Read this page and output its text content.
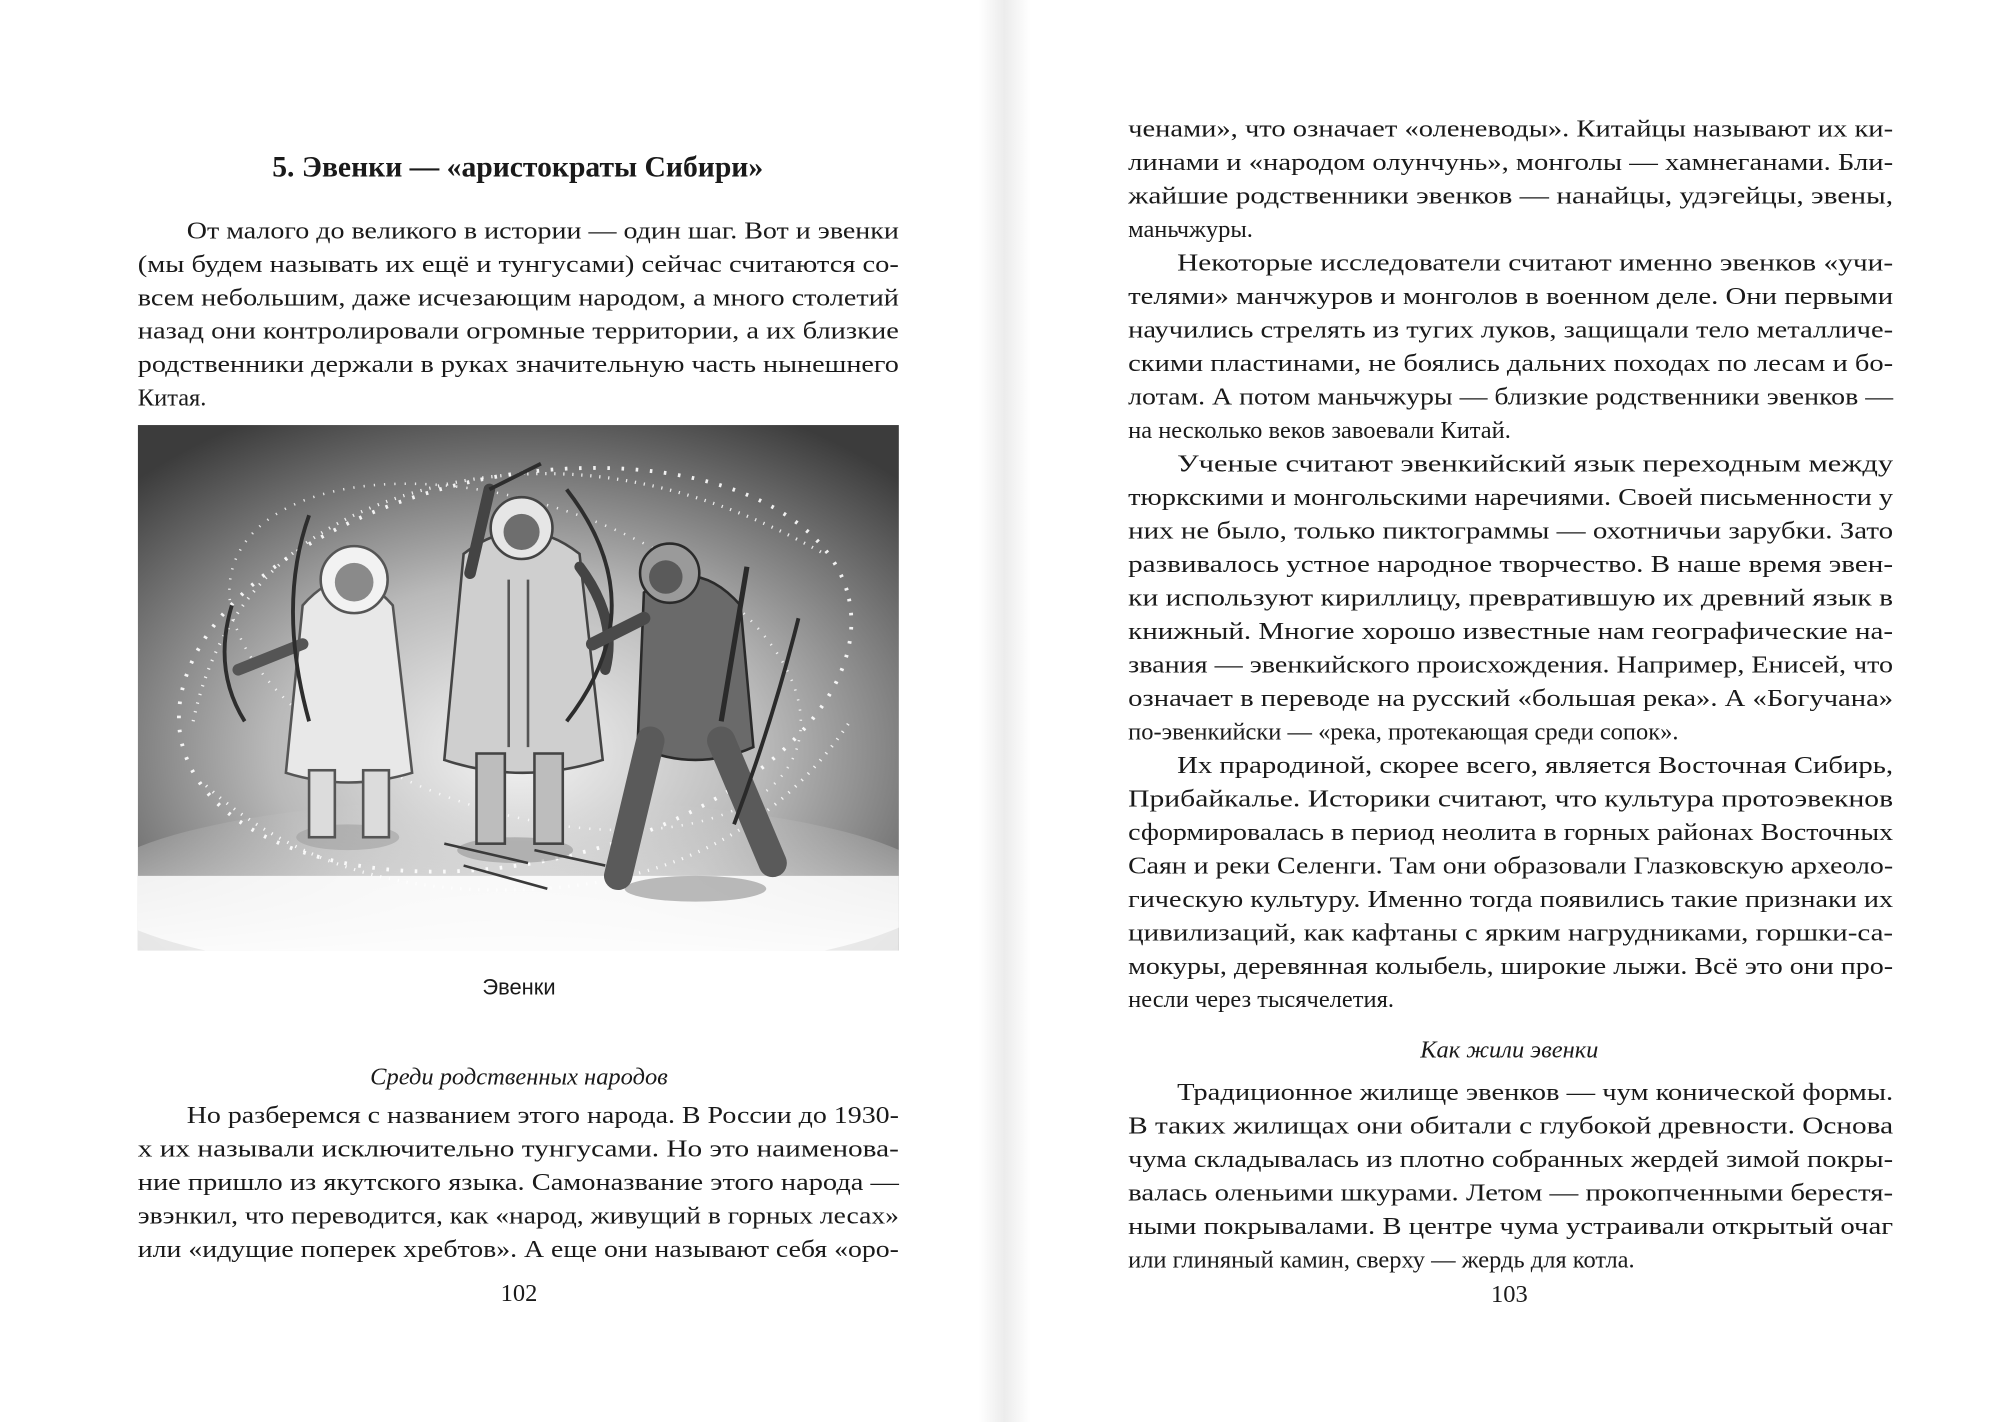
5. Эвенки — «аристократы Сибири»
От малого до великого в истории — один шаг. Вот и эвенки
(мы будем называть их ещё и тунгусами) сейчас считаются со-
всем небольшим, даже исчезающим народом, а много столетий
назад они контролировали огромные территории, а их близкие
родственники держали в руках значительную часть нынешнего
Китая.
Эвенки
Среди родственных народов
Но разберемся с названием этого народа. В России до 1930-
х их называли исключительно тунгусами. Но это наименова-
ние пришло из якутского языка. Самоназвание этого народа —
эвэнкил, что переводится, как «народ, живущий в горных лесах»
или «идущие поперек хребтов». А еще они называют себя «оро-
102
ченами», что означает «оленеводы». Китайцы называют их ки-
линами и «народом олунчунь», монголы — хамнеганами. Бли-
жайшие родственники эвенков — нанайцы, удэгейцы, эвены,
маньчжуры.
Некоторые исследователи считают именно эвенков «учи-
телями» манчжуров и монголов в военном деле. Они первыми
научились стрелять из тугих луков, защищали тело металличе-
скими пластинами, не боялись дальних походах по лесам и бо-
лотам. А потом маньчжуры — близкие родственники эвенков —
на несколько веков завоевали Китай.
Ученые считают эвенкийский язык переходным между
тюркскими и монгольскими наречиями. Своей письменности у
них не было, только пиктограммы — охотничьи зарубки. Зато
развивалось устное народное творчество. В наше время эвен-
ки используют кириллицу, превратившую их древний язык в
книжный. Многие хорошо известные нам географические на-
звания — эвенкийского происхождения. Например, Енисей, что
означает в переводе на русский «большая река». А «Богучана»
по-эвенкийски — «река, протекающая среди сопок».
Их прародиной, скорее всего, является Восточная Сибирь,
Прибайкалье. Историки считают, что культура протоэвекнов
сформировалась в период неолита в горных районах Восточных
Саян и реки Селенги. Там они образовали Глазковскую археоло-
гическую культуру. Именно тогда появились такие признаки их
цивилизаций, как кафтаны с ярким нагрудниками, горшки-са-
мокуры, деревянная колыбель, широкие лыжи. Всё это они про-
несли через тысячелетия.
Как жили эвенки
Традиционное жилище эвенков — чум конической формы.
В таких жилищах они обитали с глубокой древности. Основа
чума складывалась из плотно собранных жердей зимой покры-
валась оленьими шкурами. Летом — прокопченными берестя-
ными покрывалами. В центре чума устраивали открытый очаг
или глиняный камин, сверху — жердь для котла.
103
